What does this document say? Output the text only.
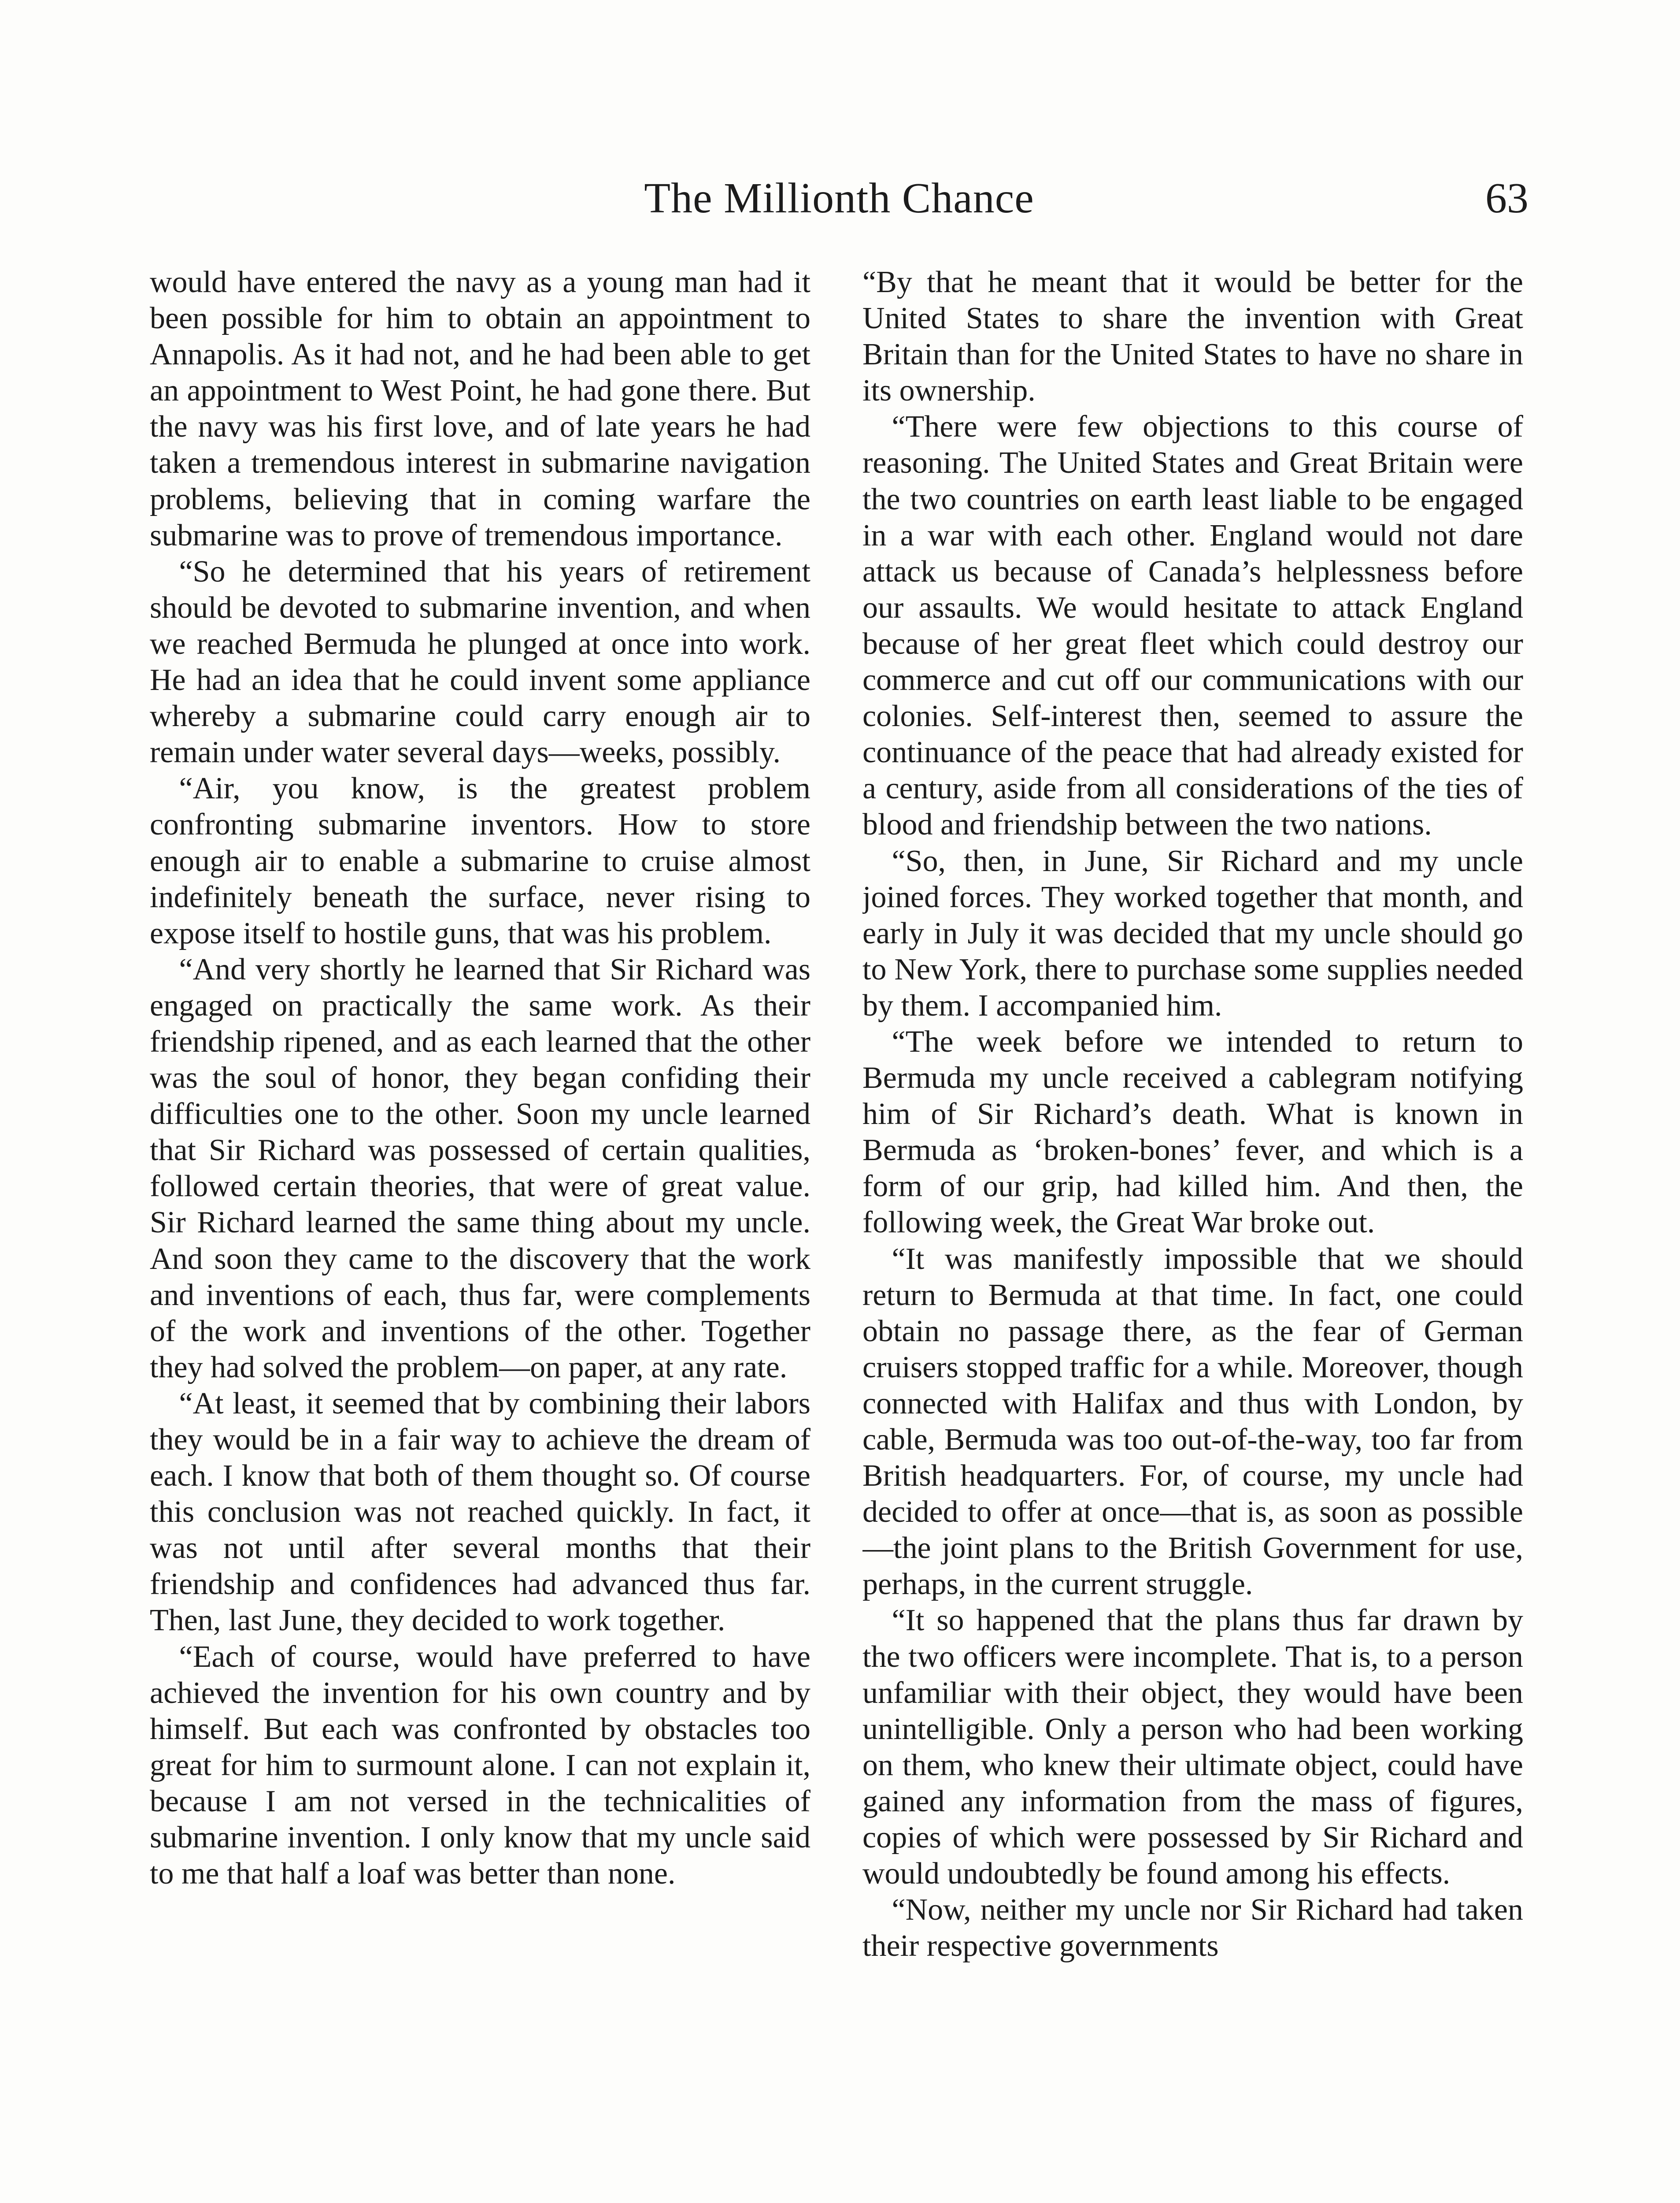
The Millionth Chance	63

would have entered the navy as a young man had it been possible for him to obtain an appointment to Annapolis. As it had not, and he had been able to get an appointment to West Point, he had gone there. But the navy was his first love, and of late years he had taken a tremendous interest in submarine navigation problems, believing that in coming warfare the submarine was to prove of tremendous importance.

“So he determined that his years of retirement should be devoted to submarine invention, and when we reached Bermuda he plunged at once into work. He had an idea that he could invent some appliance whereby a submarine could carry enough air to remain under water several days—weeks, possibly.

“Air, you know, is the greatest problem confronting submarine inventors. How to store enough air to enable a submarine to cruise almost indefinitely beneath the surface, never rising to expose itself to hostile guns, that was his problem.

“And very shortly he learned that Sir Richard was engaged on practically the same work. As their friendship ripened, and as each learned that the other was the soul of honor, they began confiding their difficulties one to the other. Soon my uncle learned that Sir Richard was possessed of certain qualities, followed certain theories, that were of great value. Sir Richard learned the same thing about my uncle. And soon they came to the discovery that the work and inventions of each, thus far, were complements of the work and inventions of the other. Together they had solved the problem—on paper, at any rate.

“At least, it seemed that by combining their labors they would be in a fair way to achieve the dream of each. I know that both of them thought so. Of course this conclusion was not reached quickly. In fact, it was not until after several months that their friendship and confidences had advanced thus far. Then, last June, they decided to work together.

“Each of course, would have preferred to have achieved the invention for his own country and by himself. But each was confronted by obstacles too great for him to surmount alone. I can not explain it, because I am not versed in the technicalities of submarine invention. I only know that my uncle said to me that half a loaf was better than none.

“By that he meant that it would be better for the United States to share the invention with Great Britain than for the United States to have no share in its ownership.

“There were few objections to this course of reasoning. The United States and Great Britain were the two countries on earth least liable to be engaged in a war with each other. England would not dare attack us because of Canada’s helplessness before our assaults. We would hesitate to attack England because of her great fleet which could destroy our commerce and cut off our communications with our colonies. Self-interest then, seemed to assure the continuance of the peace that had already existed for a century, aside from all considerations of the ties of blood and friendship between the two nations.

“So, then, in June, Sir Richard and my uncle joined forces. They worked together that month, and early in July it was decided that my uncle should go to New York, there to purchase some supplies needed by them. I accompanied him.

“The week before we intended to return to Bermuda my uncle received a cablegram notifying him of Sir Richard’s death. What is known in Bermuda as ‘broken-bones’ fever, and which is a form of our grip, had killed him. And then, the following week, the Great War broke out.

“It was manifestly impossible that we should return to Bermuda at that time. In fact, one could obtain no passage there, as the fear of German cruisers stopped traffic for a while. Moreover, though connected with Halifax and thus with London, by cable, Bermuda was too out-of-the-way, too far from British headquarters. For, of course, my uncle had decided to offer at once—that is, as soon as possible—the joint plans to the British Government for use, perhaps, in the current struggle.

“It so happened that the plans thus far drawn by the two officers were incomplete. That is, to a person unfamiliar with their object, they would have been unintelligible. Only a person who had been working on them, who knew their ultimate object, could have gained any information from the mass of figures, copies of which were possessed by Sir Richard and would undoubtedly be found among his effects.

“Now, neither my uncle nor Sir Richard had taken their respective governments
